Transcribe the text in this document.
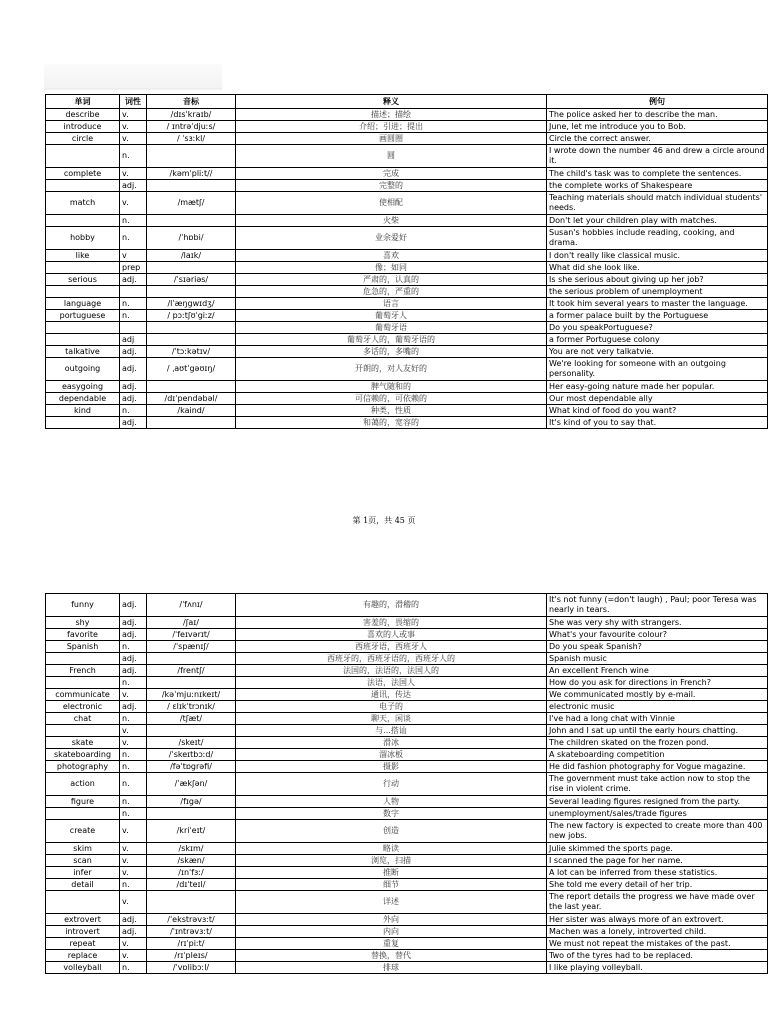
单词	词性	音标	释义	例句
describe	v.	/dɪsˈkraɪb/	描述；描绘	The police asked her to describe the man.
introduce	v.	/ ɪntrəˈdjuːs/	介绍；引进；提出	June, let me introduce you to Bob.
circle	v.	/ ˈsɜːkl/	画圆圈	Circle the correct answer.
	n.		圆	I wrote down the number 46 and drew a circle around it.
complete	v.	/kəmˈpliːt//	完成	The child's task was to complete the sentences.
	adj.		完整的	the complete works of Shakespeare
match	v.	/mætʃ/	使相配	Teaching materials should match individual students' needs.
	n.		火柴	Don't let your children play with matches.
hobby	n.	/ˈhɒbi/	业余爱好	Susan's hobbies include reading, cooking, and drama.
like	v	/laɪk/	喜欢	I don't really like classical music.
	prep		像；如同	What did she look like.
serious	adj.	/ˈsɪəriəs/	严肃的，认真的	Is she serious about giving up her job?
			危急的，严重的	the serious problem of unemployment
language	n.	/lˈæŋgwɪdʒ/	语言	It took him several years to master the language.
portuguese	n.	/ pɔːtʃʊˈgiːz/	葡萄牙人	a former palace built by the Portuguese
			葡萄牙语	Do you speakPortuguese?
	adj		葡萄牙人的，葡萄牙语的	a former Portuguese colony
talkative	adj.	/ˈtɔːkətɪv/	多话的，多嘴的	You are not very talkatvie.
outgoing	adj.	/ ˌaʊtˈgəʊɪŋ/	开朗的，对人友好的	We're looking for someone with an outgoing personality.
easygoing	adj.		脾气随和的	Her easy-going nature made her popular.
dependable	adj.	/dɪˈpendəbəl/	可信赖的，可依赖的	Our most dependable ally
kind	n.	/kaind/	种类，性质	What kind of food do you want?
	adj.		和蔼的，宽容的	It's kind of you to say that.
第 1页，共 45 页
funny	adj.	/ˈfʌnɪ/	有趣的，滑稽的	It's not funny (=don't laugh) , Paul; poor Teresa was nearly in tears.
shy	adj.	/ʃaɪ/	害羞的，畏缩的	She was very shy with strangers.
favorite	adj.	/ˈfeɪvərɪt/	喜欢的人或事	What's your favourite colour?
Spanish	n.	/ˈspænɪʃ/	西班牙语，西班牙人	Do you speak Spanish?
	adj.		西班牙的，西班牙语的，西班牙人的	Spanish music
French	adj.	/frentʃ/	法国的，法语的，法国人的	An excellent French wine
	n.		法语，法国人	How do you ask for directions in French?
communicate	v.	/kəˈmjuːnɪkeɪt/	通讯，传达	We communicated mostly by e-mail.
electronic	adj.	/ ɛlɪkˈtrɔnɪk/	电子的	electronic music
chat	n.	/tʃæt/	聊天，闲谈	I've had a long chat with Vinnie
	v.		与...搭讪	John and I sat up until the early hours chatting.
skate	v.	/skeɪt/	滑冰	The children skated on the frozen pond.
skateboarding	n.	/ˈskeɪtbɔːd/	溜冰板	A skateboarding competition
photography	n.	/fəˈtɒgrəfi/	摄影	He did fashion photography for Vogue magazine.
action	n.	/ˈækʃən/	行动	The government must take action now to stop the rise in violent crime.
figure	n.	/fɪgə/	人物	Several leading figures resigned from the party.
	n.		数字	unemployment/sales/trade figures
create	v.	/kriˈeɪt/	创造	The new factory is expected to create more than 400 new jobs.
skim	v.	/skɪm/	略读	Julie skimmed the sports page.
scan	v.	/skæn/	浏览，扫描	I scanned the page for her name.
infer	v.	/ɪnˈfɜː/	推断	A lot can be inferred from these statistics.
detail	n.	/dɪˈteɪl/	细节	She told me every detail of her trip.
	v.		详述	The report details the progress we have made over the last year.
extrovert	adj.	/ˈekstrəvɜːt/	外向	Her sister was always more of an extrovert.
introvert	adj.	/ˈɪntrəvɜːt/	内向	Machen was a lonely, introverted child.
repeat	v.	/rɪˈpiːt/	重复	We must not repeat the mistakes of the past.
replace	v.	/rɪˈpleɪs/	替换，替代	Two of the tyres had to be replaced.
volleyball	n.	/ˈvɒlibɔːl/	排球	I like playing volleyball.
